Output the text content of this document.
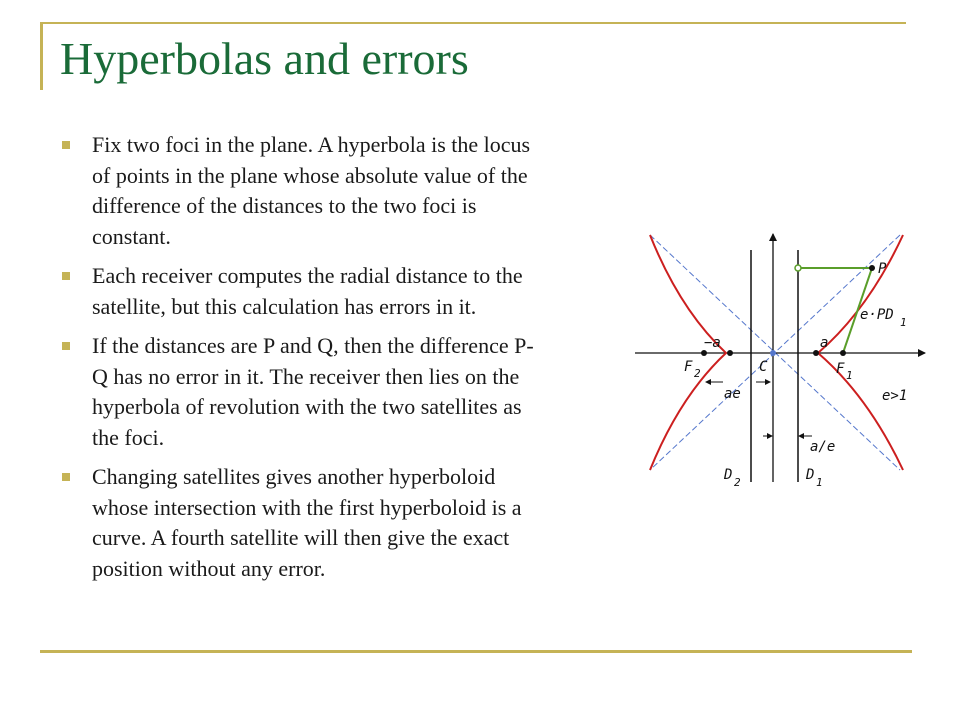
Hyperbolas and errors
Fix two foci in the plane. A hyperbola is the locus of points in the plane whose absolute value of the difference of the distances to the two foci is constant.
Each receiver computes the radial distance to the satellite, but this calculation has errors in it.
If the distances are P and Q, then the difference P-Q has no error in it. The receiver then lies on the hyperbola of revolution with the two satellites as the foci.
Changing satellites gives another hyperboloid whose intersection with the first hyperboloid is a curve. A fourth satellite will then give the exact position without any error.
P
e·PD 1
−a	a
C
F 2	F 1
ae	e>1
a/e
D 2	D 1
